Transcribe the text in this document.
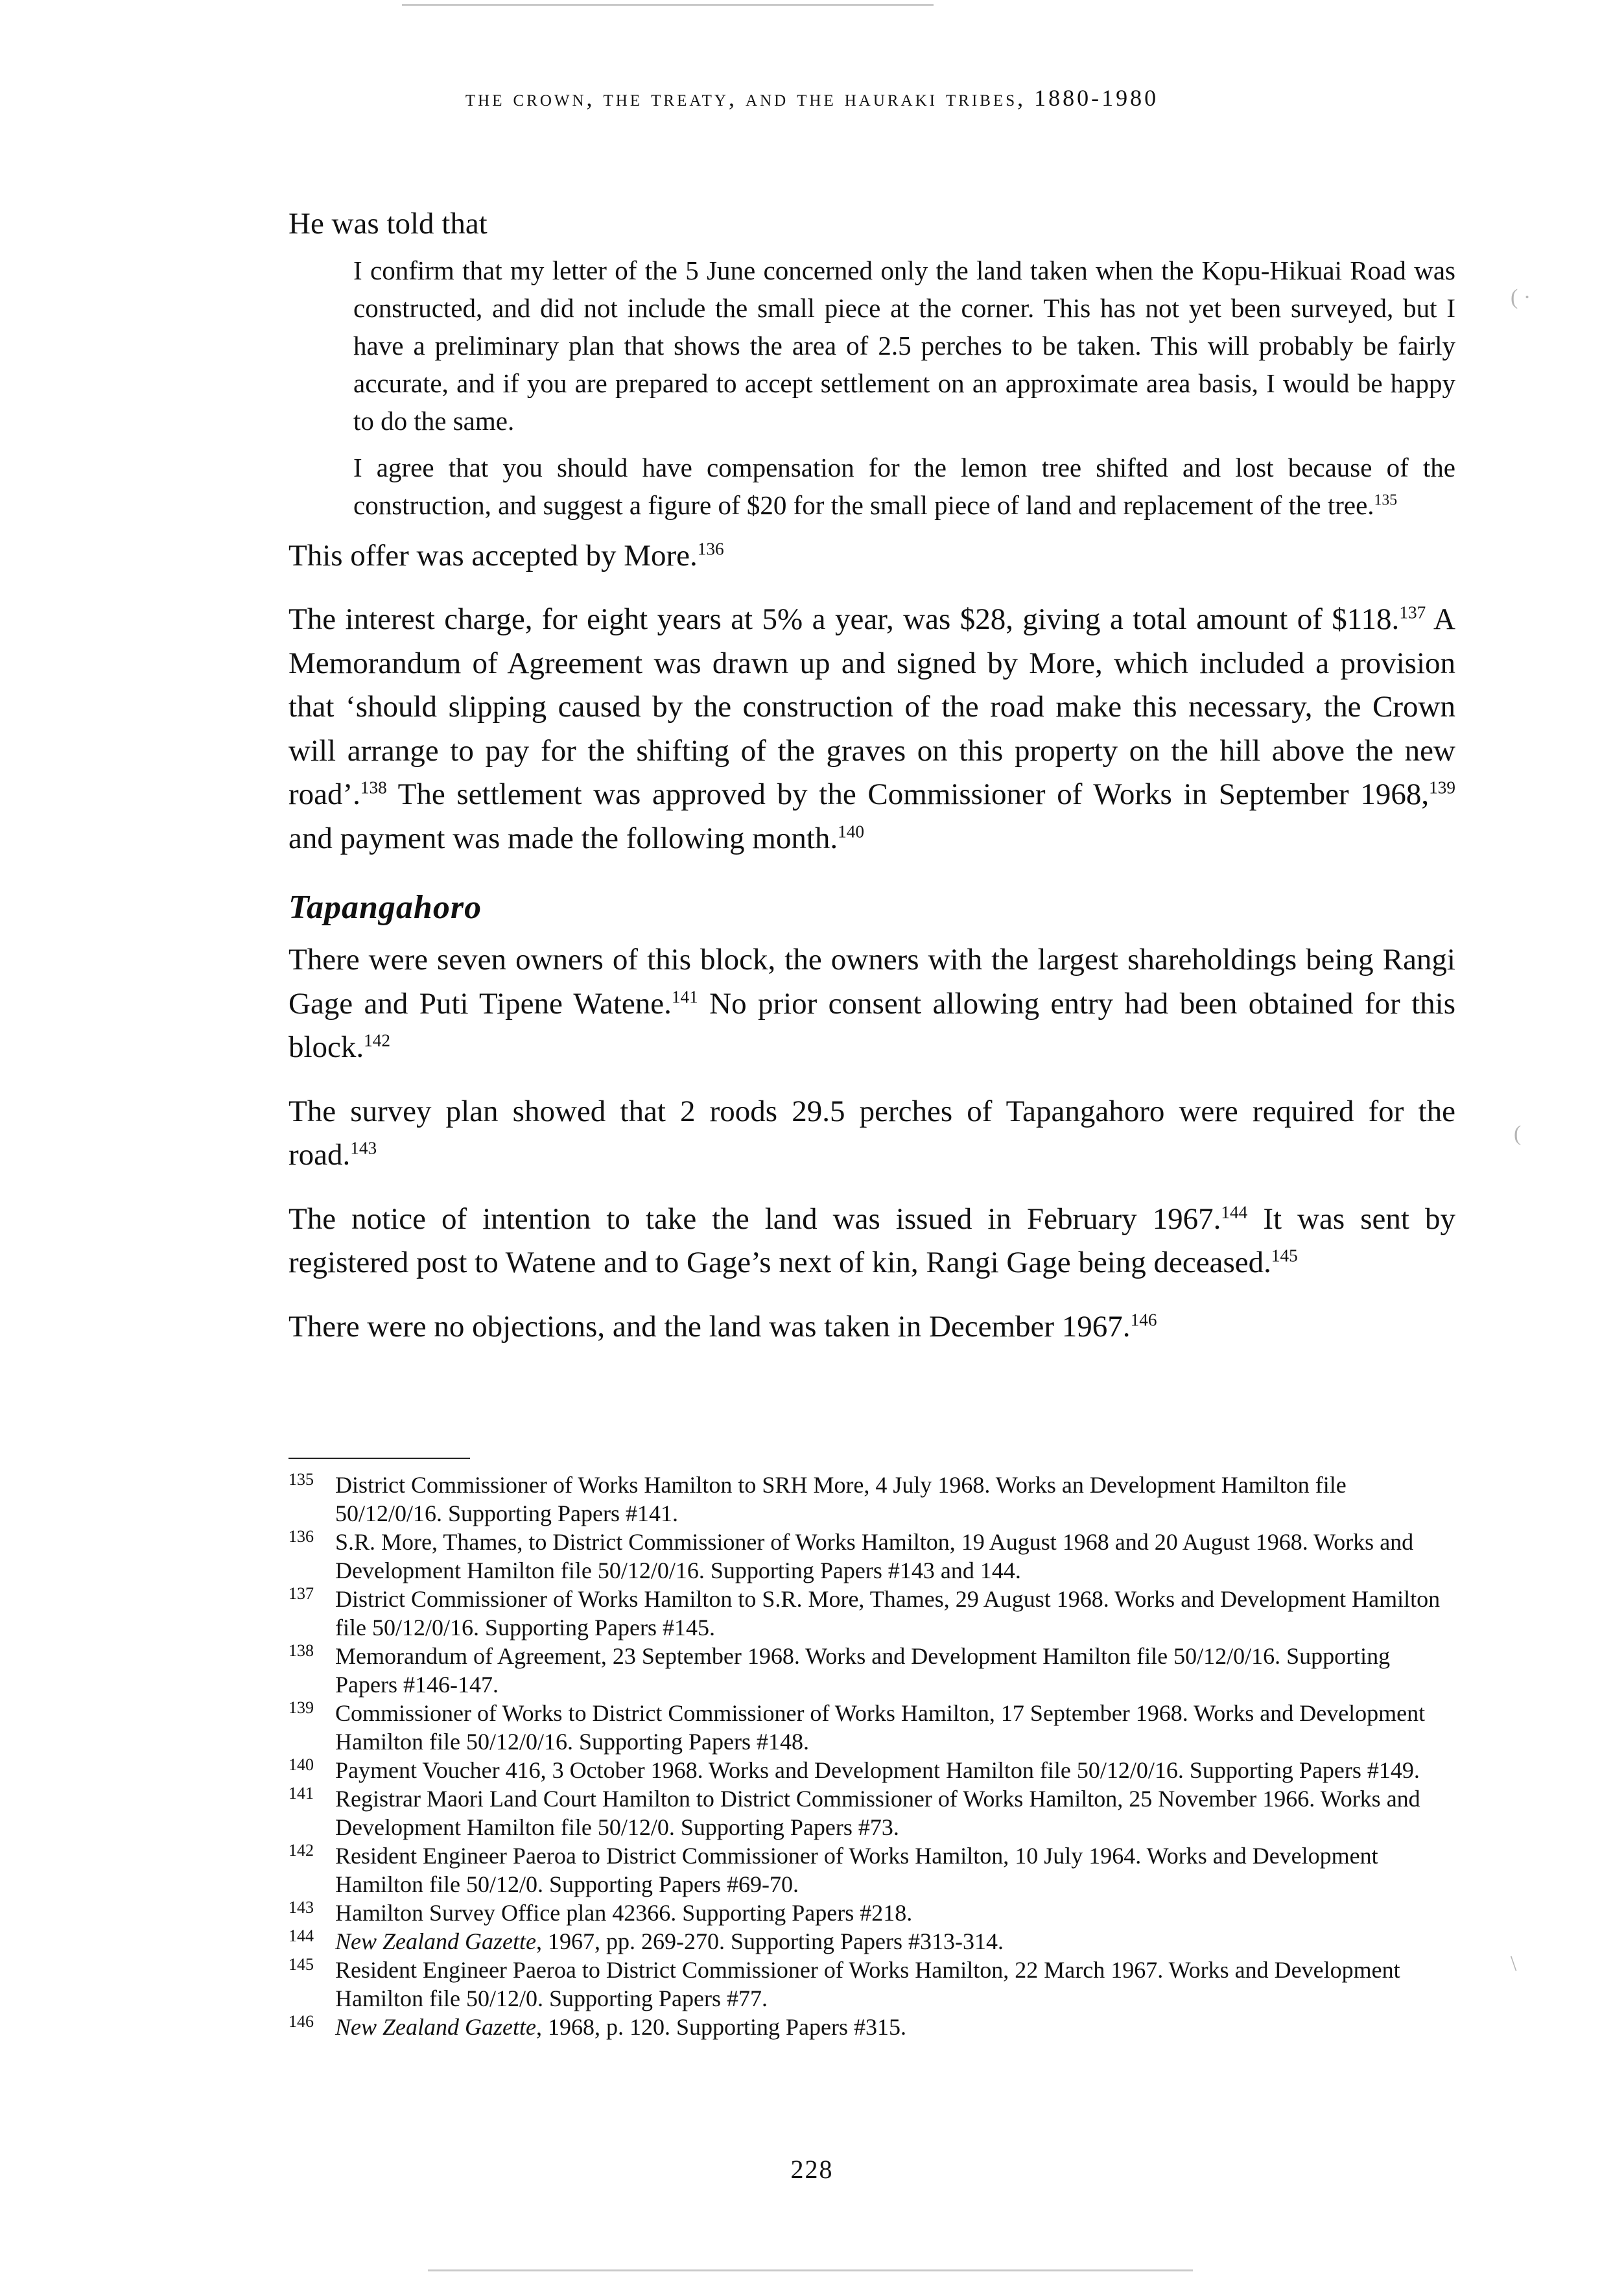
the crown, the treaty, and the hauraki tribes, 1880-1980

He was told that

I confirm that my letter of the 5 June concerned only the land taken when the Kopu-Hikuai Road was constructed, and did not include the small piece at the corner. This has not yet been surveyed, but I have a preliminary plan that shows the area of 2.5 perches to be taken. This will probably be fairly accurate, and if you are prepared to accept settlement on an approximate area basis, I would be happy to do the same.

I agree that you should have compensation for the lemon tree shifted and lost because of the construction, and suggest a figure of $20 for the small piece of land and replacement of the tree.$^{135}$

This offer was accepted by More.$^{136}$

The interest charge, for eight years at 5% a year, was $28, giving a total amount of $118.$^{137}$ A Memorandum of Agreement was drawn up and signed by More, which included a provision that ‘should slipping caused by the construction of the road make this necessary, the Crown will arrange to pay for the shifting of the graves on this property on the hill above the new road’.$^{138}$ The settlement was approved by the Commissioner of Works in September 1968,$^{139}$ and payment was made the following month.$^{140}$

Tapangahoro

There were seven owners of this block, the owners with the largest shareholdings being Rangi Gage and Puti Tipene Watene.$^{141}$ No prior consent allowing entry had been obtained for this block.$^{142}$

The survey plan showed that 2 roods 29.5 perches of Tapangahoro were required for the road.$^{143}$

The notice of intention to take the land was issued in February 1967.$^{144}$ It was sent by registered post to Watene and to Gage’s next of kin, Rangi Gage being deceased.$^{145}$

There were no objections, and the land was taken in December 1967.$^{146}$

135 District Commissioner of Works Hamilton to SRH More, 4 July 1968. Works an Development Hamilton file 50/12/0/16. Supporting Papers #141.

136 S.R. More, Thames, to District Commissioner of Works Hamilton, 19 August 1968 and 20 August 1968. Works and Development Hamilton file 50/12/0/16. Supporting Papers #143 and 144.

137 District Commissioner of Works Hamilton to S.R. More, Thames, 29 August 1968. Works and Development Hamilton file 50/12/0/16. Supporting Papers #145.

138 Memorandum of Agreement, 23 September 1968. Works and Development Hamilton file 50/12/0/16. Supporting Papers #146-147.

139 Commissioner of Works to District Commissioner of Works Hamilton, 17 September 1968. Works and Development Hamilton file 50/12/0/16. Supporting Papers #148.

140 Payment Voucher 416, 3 October 1968. Works and Development Hamilton file 50/12/0/16. Supporting Papers #149.

141 Registrar Maori Land Court Hamilton to District Commissioner of Works Hamilton, 25 November 1966. Works and Development Hamilton file 50/12/0. Supporting Papers #73.

142 Resident Engineer Paeroa to District Commissioner of Works Hamilton, 10 July 1964. Works and Development Hamilton file 50/12/0. Supporting Papers #69-70.

143 Hamilton Survey Office plan 42366. Supporting Papers #218.

144 New Zealand Gazette, 1967, pp. 269-270. Supporting Papers #313-314.

145 Resident Engineer Paeroa to District Commissioner of Works Hamilton, 22 March 1967. Works and Development Hamilton file 50/12/0. Supporting Papers #77.

146 New Zealand Gazette, 1968, p. 120. Supporting Papers #315.

228
( ·
(
\
